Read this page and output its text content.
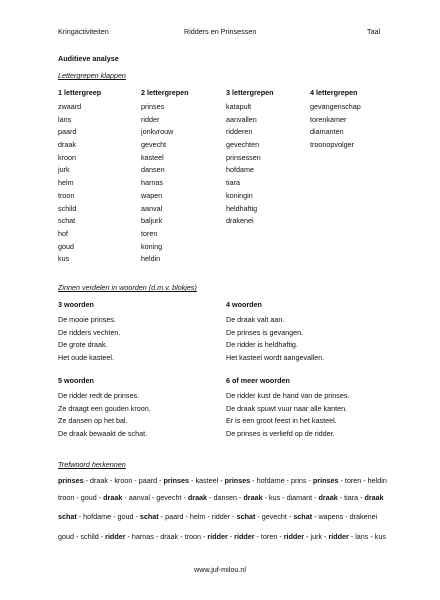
Kringactiviteiten	Ridders en Prinsessen	Taal
Auditieve analyse
Lettergrepen klappen
1 lettergreep
zwaard
lans
paard
draak
kroon
jurk
helm
troon
schild
schat
hof
goud
kus
2 lettergrepen
prinses
ridder
jonkvrouw
gevecht
kasteel
dansen
harnas
wapen
aanval
baljurk
toren
koning
heldin
3 lettergrepen
katapult
aanvallen
ridderen
gevechten
prinsessen
hofdame
tiara
koningin
heldhaftig
drakenei
4 lettergrepen
gevangenschap
torenkamer
diamanten
troonopvolger
Zinnen verdelen in woorden (d.m.v. blokjes)
3 woorden
De mooie prinses.
De ridders vechten.
De grote draak.
Het oude kasteel.
4 woorden
De draak valt aan.
De prinses is gevangen.
De ridder is heldhaftig.
Het kasteel wordt aangevallen.
5 woorden
De ridder redt de prinses.
Ze draagt een gouden kroon.
Ze dansen op het bal.
De draak bewaakt de schat.
6 of meer woorden
De ridder kust de hand van de prinses.
De draak spuwt vuur naar alle kanten.
Er is een groot feest in het kasteel.
De prinses is verliefd op de ridder.
Trefwoord herkennen
prinses - draak - kroon - paard - prinses - kasteel - prinses - hofdame - prins - prinses - toren - heldin
troon - goud - draak - aanval - gevecht - draak - dansen - draak - kus - diamant - draak - tiara - draak
schat - hofdame - goud - schat - paard - helm - ridder - schat - gevecht - schat - wapens - drakenei
goud - schild - ridder - harnas - draak - troon - ridder - ridder - toren - ridder - jurk - ridder - lans - kus
www.juf-milou.nl
